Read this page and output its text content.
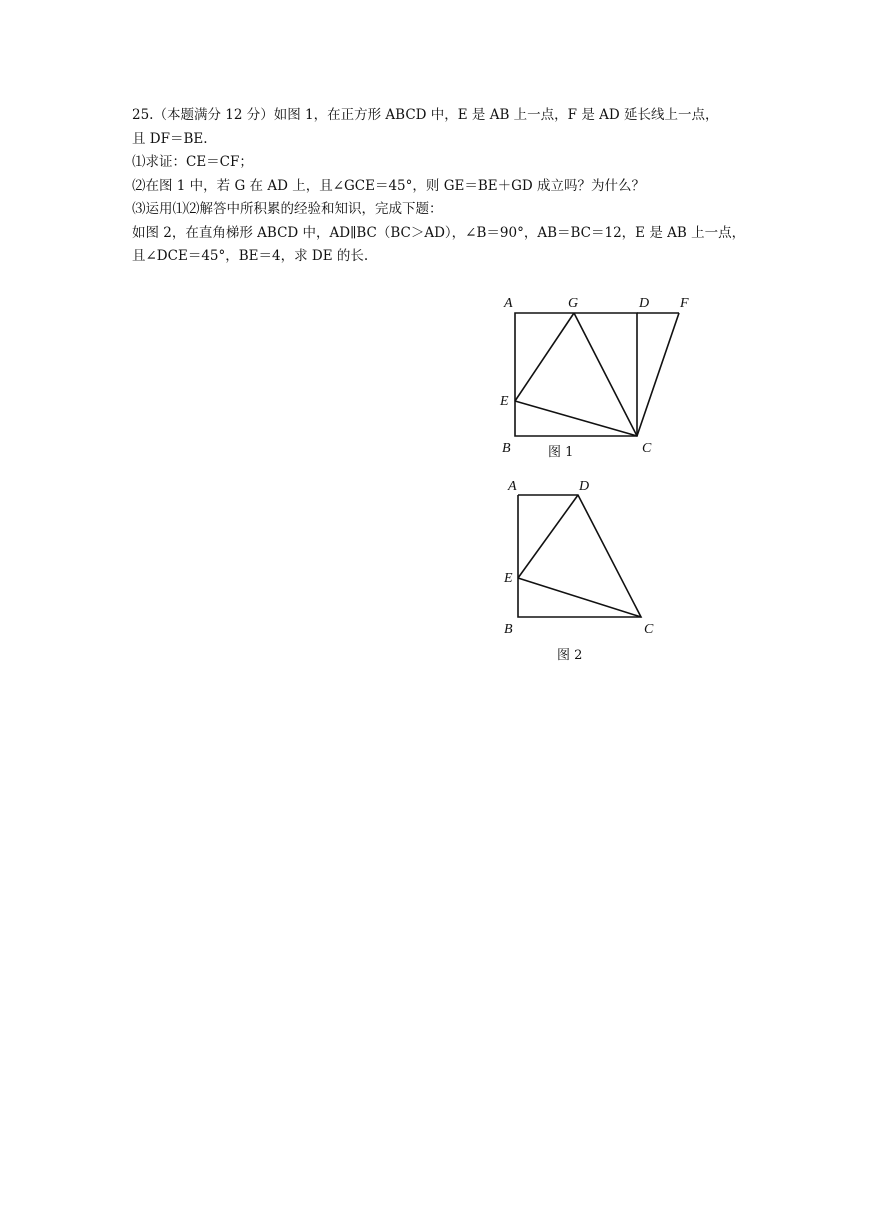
25.（本题满分 12 分）如图 1，在正方形 ABCD 中，E 是 AB 上一点，F 是 AD 延长线上一点，
且 DF＝BE.
⑴求证：CE＝CF；
⑵在图 1 中，若 G 在 AD 上，且∠GCE＝45°，则 GE＝BE＋GD 成立吗？为什么？
⑶运用⑴⑵解答中所积累的经验和知识，完成下题：
如图 2，在直角梯形 ABCD 中，AD∥BC（BC＞AD），∠B＝90°，AB＝BC＝12，E 是 AB 上一点，
且∠DCE＝45°，BE＝4，求 DE 的长.
A	G	D F
E
B	C
图 1
A	D
E
B	C
图 2
